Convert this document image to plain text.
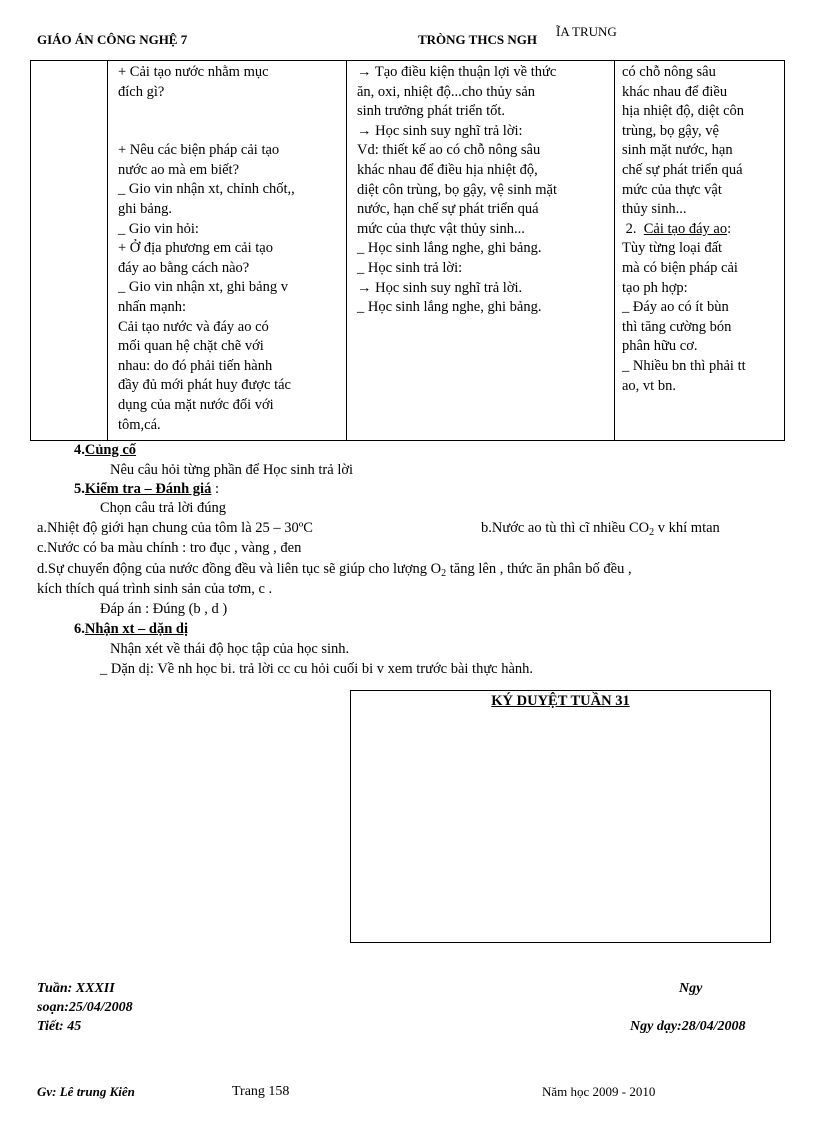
GIÁO ÁN CÔNG NGHỆ 7	TRÒNG THCS NGH
ĨA TRUNG

+ Cải tạo nước nhằm mục
đích gì?
+ Nêu các biện pháp cải tạo
nước ao mà em biết?
_ Gio vin nhận xt, chỉnh chốt,,
ghi bảng.
_ Gio vin hỏi:
+ Ở địa phương em cải tạo
đáy ao bằng cách nào?
_ Gio vin nhận xt, ghi bảng v
nhấn mạnh:
Cải tạo nước và đáy ao có
mối quan hệ chặt chẽ với
nhau: do đó phải tiến hành
đầy đủ mới phát huy được tác
dụng của mặt nước đối với
tôm,cá.

→ Tạo điều kiện thuận lợi về thức
ăn, oxi, nhiệt độ...cho thủy sản
sinh trưởng phát triển tốt.
→ Học sinh suy nghĩ trả lời:
Vd: thiết kế ao có chỗ nông sâu
khác nhau để điều hịa nhiệt độ,
diệt côn trùng, bọ gậy, vệ sinh mặt
nước, hạn chế sự phát triển quá
mức của thực vật thủy sinh...
_ Học sinh lắng nghe, ghi bảng.
_ Học sinh trả lời:
→ Học sinh suy nghĩ trả lời.
_ Học sinh lắng nghe, ghi bảng.

có chỗ nông sâu
khác nhau để điều
hịa nhiệt độ, diệt côn
trùng, bọ gậy, vệ
sinh mặt nước, hạn
chế sự phát triển quá
mức của thực vật
thủy sinh...
2.  Cải tạo đáy ao:
Tùy từng loại đất
mà có biện pháp cải
tạo ph hợp:
_ Đáy ao có ít bùn
thì tăng cường bón
phân hữu cơ.
_ Nhiều bn thì phải tt
ao, vt bn.
4.Củng cố
Nêu câu hỏi từng phần để Học sinh trả lời
5.Kiểm tra – Đánh giá :
Chọn câu trả lời đúng
a.Nhiệt độ giới hạn chung của tôm là 25 – 30ºC	b.Nước ao tù thì cĩ nhiều $CO_2$ v khí mtan
c.Nước có ba màu chính : tro đục , vàng , đen
d.Sự chuyển động của nước đồng đều và liên tục sẽ giúp cho lượng $O_2$ tăng lên , thức ăn phân bố đều ,
kích thích quá trình sinh sản của tơm, c .
Đáp án : Đúng (b , d )
6.Nhận xt – dặn dị
Nhận xét về thái độ học tập của học sinh.
_ Dặn dị: Về nh học bi. trả lời cc cu hỏi cuối bi v xem trước bài thực hành.
KÝ DUYỆT TUẦN 31
Tuần: XXXII
soạn:25/04/2008
Tiết: 45
Ngy
Ngy dạy:28/04/2008
Gv: Lê trung Kiên	Trang 158	Năm học 2009 - 2010
